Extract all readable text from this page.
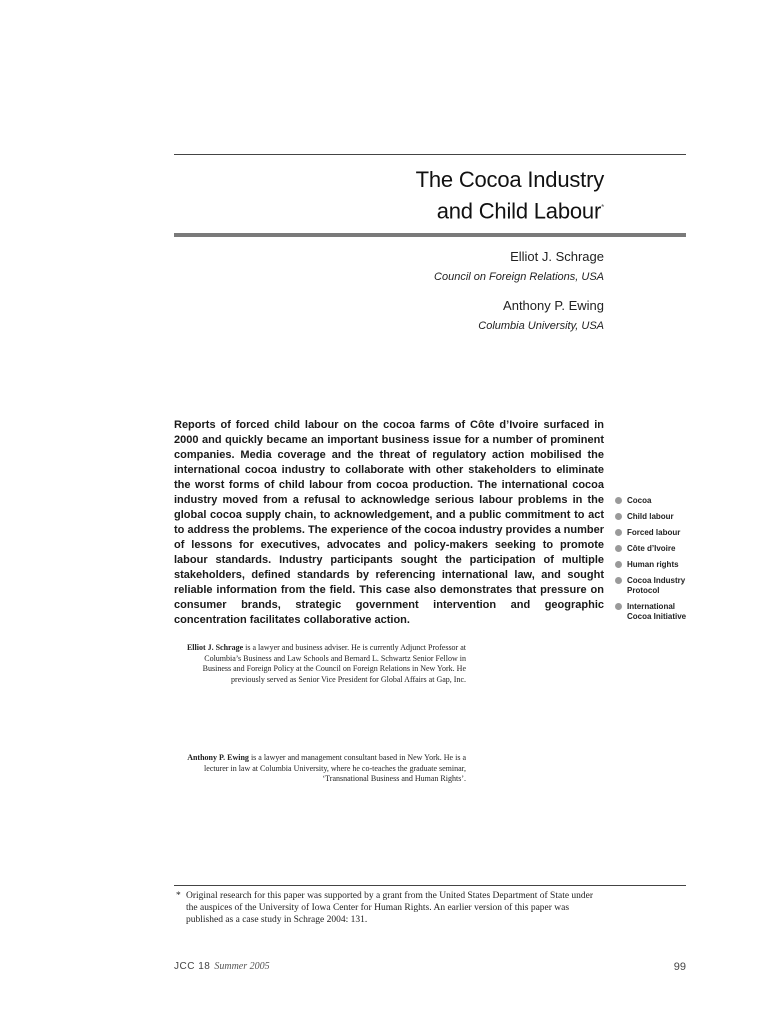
The Cocoa Industry
and Child Labour*
Elliot J. Schrage
Council on Foreign Relations, USA
Anthony P. Ewing
Columbia University, USA
Reports of forced child labour on the cocoa farms of Côte d’Ivoire surfaced in 2000 and quickly became an important business issue for a number of prominent companies. Media coverage and the threat of regulatory action mobilised the international cocoa industry to collaborate with other stakeholders to eliminate the worst forms of child labour from cocoa production. The international cocoa industry moved from a refusal to acknowledge serious labour problems in the global cocoa supply chain, to acknowledgement, and a public commitment to act to address the problems. The experience of the cocoa industry provides a number of lessons for executives, advocates and policy-makers seeking to promote labour standards. Industry participants sought the participation of multiple stakeholders, defined standards by referencing international law, and sought reliable information from the field. This case also demonstrates that pressure on consumer brands, strategic government intervention and geographic concentration facilitates collaborative action.
Cocoa
Child labour
Forced labour
Côte d’Ivoire
Human rights
Cocoa Industry Protocol
International Cocoa Initiative
Elliot J. Schrage is a lawyer and business adviser. He is currently Adjunct Professor at Columbia’s Business and Law Schools and Bernard L. Schwartz Senior Fellow in Business and Foreign Policy at the Council on Foreign Relations in New York. He previously served as Senior Vice President for Global Affairs at Gap, Inc.
Anthony P. Ewing is a lawyer and management consultant based in New York. He is a lecturer in law at Columbia University, where he co-teaches the graduate seminar, ‘Transnational Business and Human Rights’.
* Original research for this paper was supported by a grant from the United States Department of State under the auspices of the University of Iowa Center for Human Rights. An earlier version of this paper was published as a case study in Schrage 2004: 131.
JCC 18 Summer 2005	99
